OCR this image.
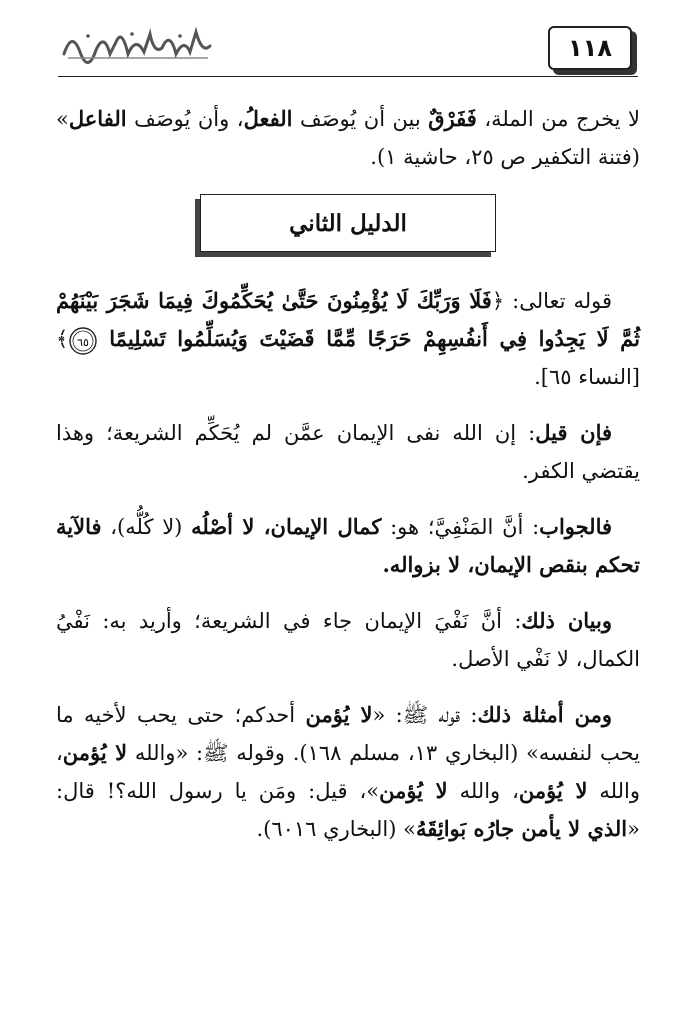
١١٨

لا يخرج من الملة، فَفَرْقٌ بين أن يُوصَف الفعلُ، وأن يُوصَف الفاعل» (فتنة التكفير ص ٢٥، حاشية ١).

الدليل الثاني

قوله تعالى: ﴿فَلَا وَرَبِّكَ لَا يُؤْمِنُونَ حَتَّىٰ يُحَكِّمُوكَ فِيمَا شَجَرَ بَيْنَهُمْ ثُمَّ لَا يَجِدُوا فِي أَنفُسِهِمْ حَرَجًا مِّمَّا قَضَيْتَ وَيُسَلِّمُوا تَسْلِيمًا
٦٥
﴾ [النساء ٦٥].

فإن قيل: إن الله نفى الإيمان عمَّن لم يُحَكِّم الشريعة؛ وهذا يقتضي الكفر.

فالجواب: أنَّ المَنْفِيَّ؛ هو: كمال الإيمان، لا أصْلُه (لا كُلُّه)، فالآية تحكم بنقص الإيمان، لا بزواله.

وبيان ذلك: أنَّ نَفْيَ الإيمان جاء في الشريعة؛ وأريد به: نَفْيُ الكمال، لا نَفْي الأصل.

ومن أمثلة ذلك: قوله ﷺ: «لا يُؤمن أحدكم؛ حتى يحب لأخيه ما يحب لنفسه» (البخاري ١٣، مسلم ١٦٨). وقوله ﷺ: «والله لا يُؤمن، والله لا يُؤمن، والله لا يُؤمن»، قيل: ومَن يا رسول الله؟! قال: «الذي لا يأمن جارُه بَوائِقَهُ» (البخاري ٦٠١٦).
